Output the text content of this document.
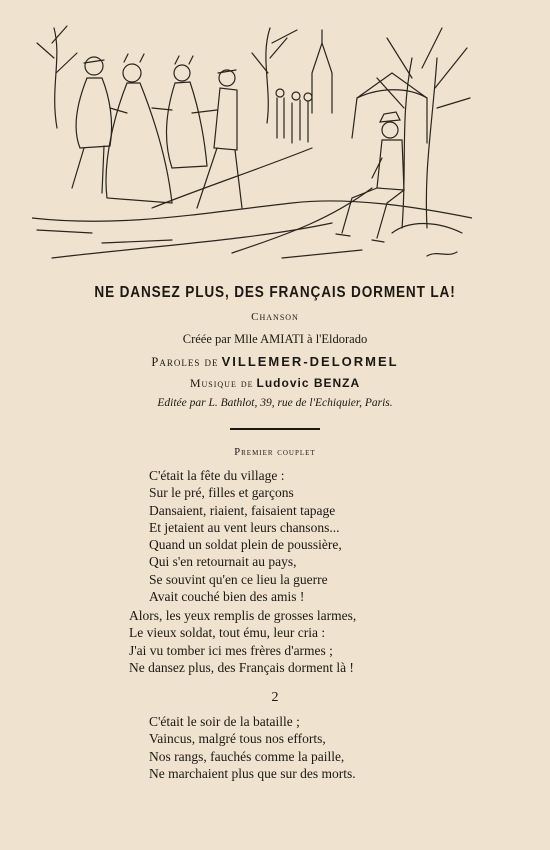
NE DANSEZ PLUS, DES FRANÇAIS DORMENT LA!
Chanson
Créée par Mlle AMIATI à l'Eldorado
Paroles de VILLEMER-DELORMEL
Musique de Ludovic BENZA
Editée par L. Bathlot, 39, rue de l'Echiquier, Paris.
Premier couplet
C'était la fête du village :
Sur le pré, filles et garçons
Dansaient, riaient, faisaient tapage
Et jetaient au vent leurs chansons...
Quand un soldat plein de poussière,
Qui s'en retournait au pays,
Se souvint qu'en ce lieu la guerre
Avait couché bien des amis !
Alors, les yeux remplis de grosses larmes,
Le vieux soldat, tout ému, leur cria :
J'ai vu tomber ici mes frères d'armes ;
Ne dansez plus, des Français dorment là !
2
C'était le soir de la bataille ;
Vaincus, malgré tous nos efforts,
Nos rangs, fauchés comme la paille,
Ne marchaient plus que sur des morts.
